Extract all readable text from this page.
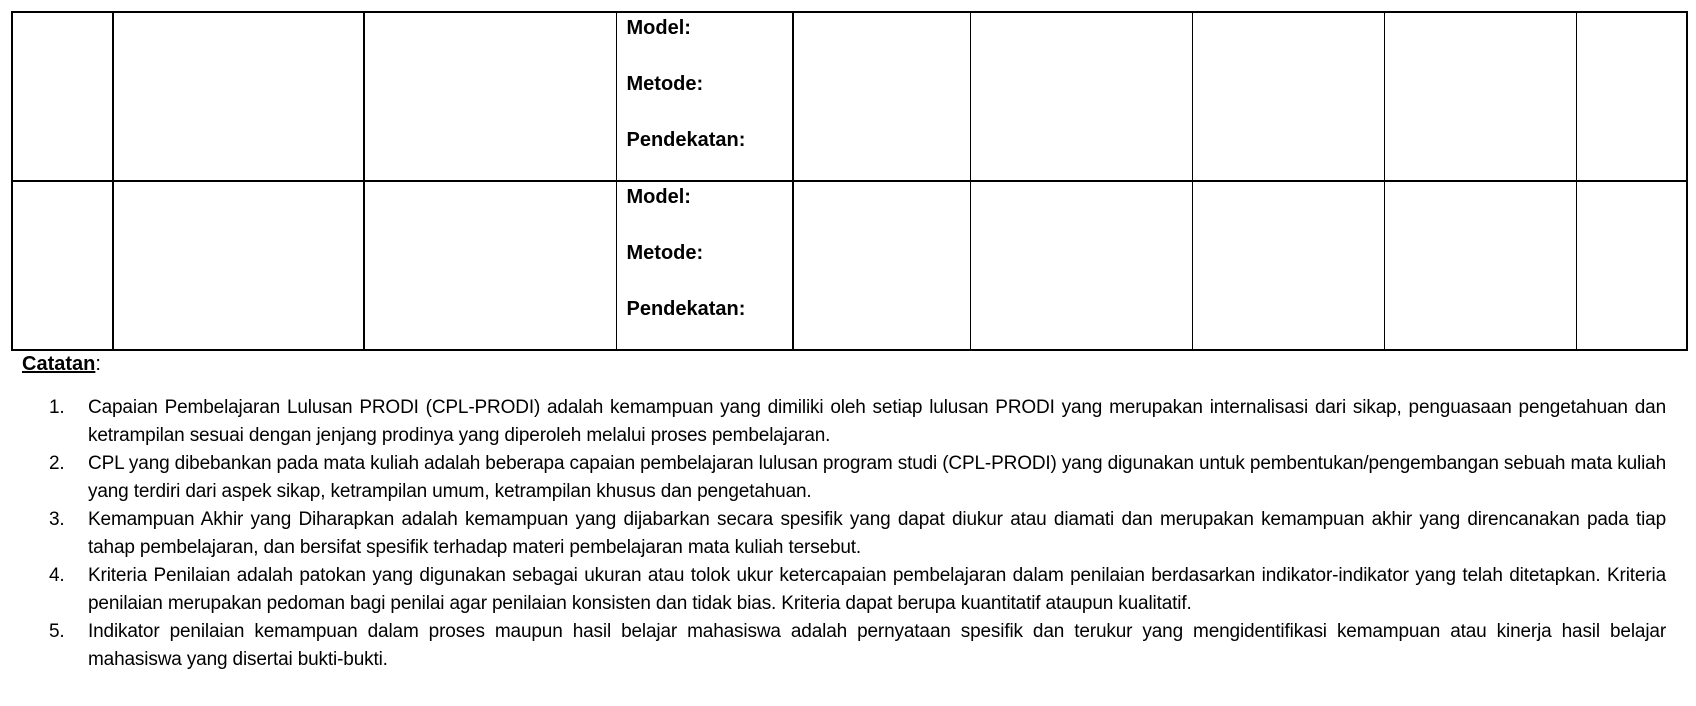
			Model:
Metode:
Pendekatan:					

			Model:
Metode:
Pendekatan:					

Catatan:
1. Capaian Pembelajaran Lulusan PRODI (CPL-PRODI) adalah kemampuan yang dimiliki oleh setiap lulusan PRODI yang merupakan internalisasi dari sikap, penguasaan pengetahuan dan ketrampilan sesuai dengan jenjang prodinya yang diperoleh melalui proses pembelajaran.
2. CPL yang dibebankan pada mata kuliah adalah beberapa capaian pembelajaran lulusan program studi (CPL-PRODI) yang digunakan untuk pembentukan/pengembangan sebuah mata kuliah yang terdiri dari aspek sikap, ketrampilan umum, ketrampilan khusus dan pengetahuan.
3. Kemampuan Akhir yang Diharapkan adalah kemampuan yang dijabarkan secara spesifik yang dapat diukur atau diamati dan merupakan kemampuan akhir yang direncanakan pada tiap tahap pembelajaran, dan bersifat spesifik terhadap materi pembelajaran mata kuliah tersebut.
4. Kriteria Penilaian adalah patokan yang digunakan sebagai ukuran atau tolok ukur ketercapaian pembelajaran dalam penilaian berdasarkan indikator-indikator yang telah ditetapkan. Kriteria penilaian merupakan pedoman bagi penilai agar penilaian konsisten dan tidak bias. Kriteria dapat berupa kuantitatif ataupun kualitatif.
5. Indikator penilaian kemampuan dalam proses maupun hasil belajar mahasiswa adalah pernyataan spesifik dan terukur yang mengidentifikasi kemampuan atau kinerja hasil belajar mahasiswa yang disertai bukti-bukti.
